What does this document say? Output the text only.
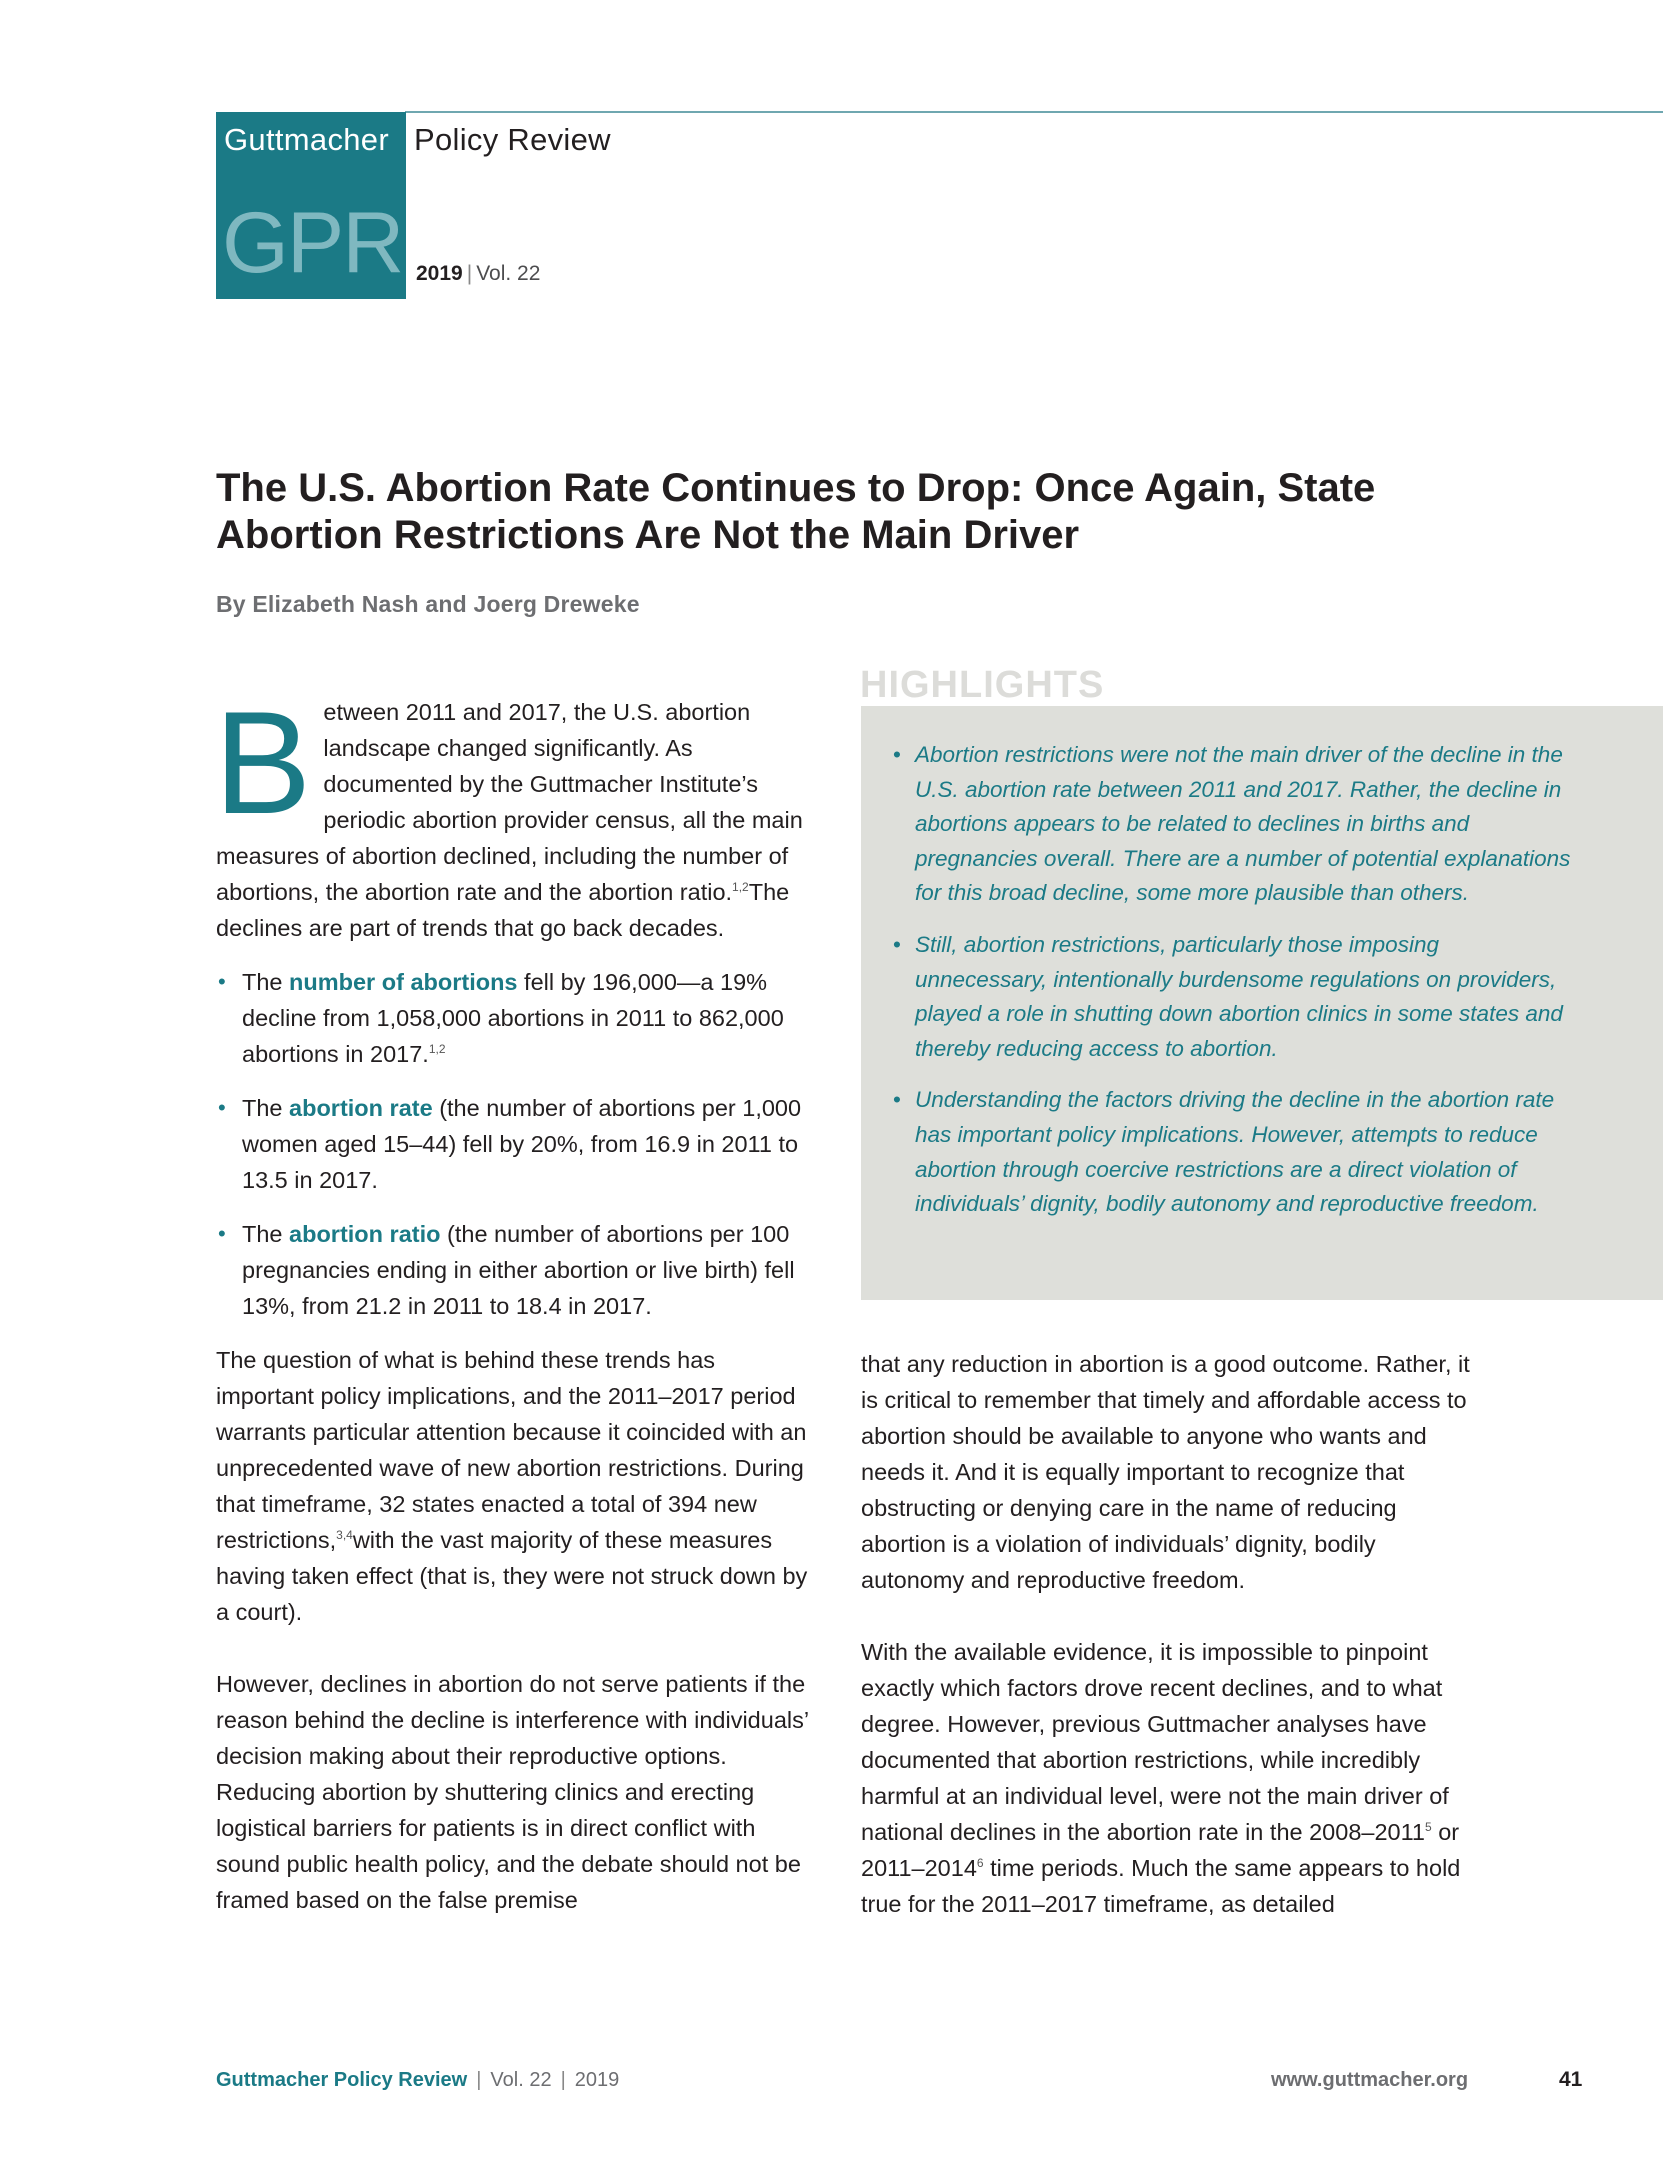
Guttmacher
GPR
Policy Review
2019 | Vol. 22
The U.S. Abortion Rate Continues to Drop: Once Again, State Abortion Restrictions Are Not the Main Driver
By Elizabeth Nash and Joerg Dreweke

Between 2011 and 2017, the U.S. abortion landscape changed significantly. As documented by the Guttmacher Institute’s periodic abortion provider census, all the main measures of abortion declined, including the number of abortions, the abortion rate and the abortion ratio.$^{1,2}$The declines are part of trends that go back decades.

• The number of abortions fell by 196,000—a 19% decline from 1,058,000 abortions in 2011 to 862,000 abortions in 2017.$^{1,2}$
• The abortion rate (the number of abortions per 1,000 women aged 15–44) fell by 20%, from 16.9 in 2011 to 13.5 in 2017.
• The abortion ratio (the number of abortions per 100 pregnancies ending in either abortion or live birth) fell 13%, from 21.2 in 2011 to 18.4 in 2017.

The question of what is behind these trends has important policy implications, and the 2011–2017 period warrants particular attention because it coincided with an unprecedented wave of new abortion restrictions. During that timeframe, 32 states enacted a total of 394 new restrictions,$^{3,4}$with the vast majority of these measures having taken effect (that is, they were not struck down by a court).

However, declines in abortion do not serve patients if the reason behind the decline is interference with individuals’ decision making about their reproductive options. Reducing abortion by shuttering clinics and erecting logistical barriers for patients is in direct conflict with sound public health policy, and the debate should not be framed based on the false premise

HIGHLIGHTS
• Abortion restrictions were not the main driver of the decline in the U.S. abortion rate between 2011 and 2017. Rather, the decline in abortions appears to be related to declines in births and pregnancies overall. There are a number of potential explanations for this broad decline, some more plausible than others.
• Still, abortion restrictions, particularly those imposing unnecessary, intentionally burdensome regulations on providers, played a role in shutting down abortion clinics in some states and thereby reducing access to abortion.
• Understanding the factors driving the decline in the abortion rate has important policy implications. However, attempts to reduce abortion through coercive restrictions are a direct violation of individuals’ dignity, bodily autonomy and reproductive freedom.

that any reduction in abortion is a good outcome. Rather, it is critical to remember that timely and affordable access to abortion should be available to anyone who wants and needs it. And it is equally important to recognize that obstructing or denying care in the name of reducing abortion is a violation of individuals’ dignity, bodily autonomy and reproductive freedom.

With the available evidence, it is impossible to pinpoint exactly which factors drove recent declines, and to what degree. However, previous Guttmacher analyses have documented that abortion restrictions, while incredibly harmful at an individual level, were not the main driver of national declines in the abortion rate in the 2008–2011$^5$ or 2011–2014$^6$ time periods. Much the same appears to hold true for the 2011–2017 timeframe, as detailed

Guttmacher Policy Review | Vol. 22 | 2019	www.guttmacher.org	41
